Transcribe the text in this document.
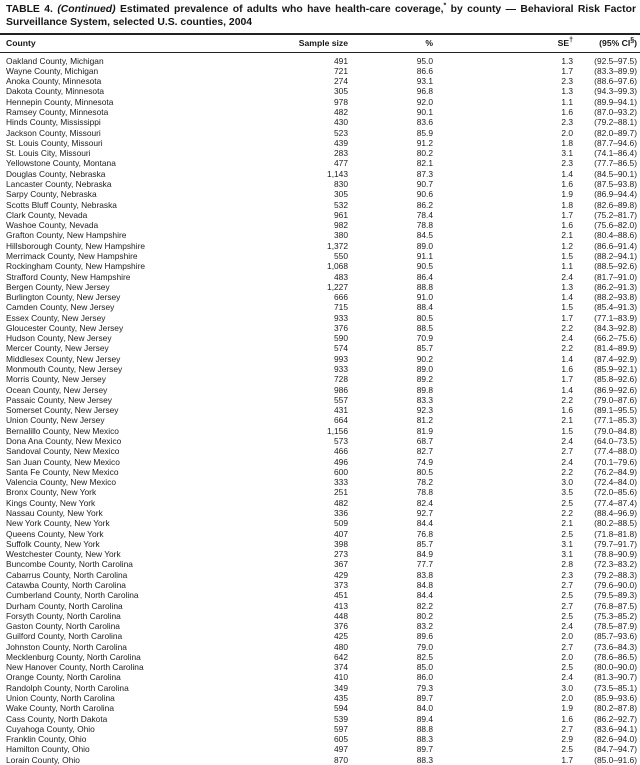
TABLE 4. (Continued) Estimated prevalence of adults who have health-care coverage,* by county — Behavioral Risk Factor
Surveillance System, selected U.S. counties, 2004
County	Sample size	%	SE†	(95% CI§)
Oakland County, Michigan	491	95.0	1.3	(92.5–97.5)
Wayne County, Michigan	721	86.6	1.7	(83.3–89.9)
Anoka County, Minnesota	274	93.1	2.3	(88.6–97.6)
Dakota County, Minnesota	305	96.8	1.3	(94.3–99.3)
Hennepin County, Minnesota	978	92.0	1.1	(89.9–94.1)
Ramsey County, Minnesota	482	90.1	1.6	(87.0–93.2)
Hinds County, Mississippi	430	83.6	2.3	(79.2–88.1)
Jackson County, Missouri	523	85.9	2.0	(82.0–89.7)
St. Louis County, Missouri	439	91.2	1.8	(87.7–94.6)
St. Louis City, Missouri	283	80.2	3.1	(74.1–86.4)
Yellowstone County, Montana	477	82.1	2.3	(77.7–86.5)
Douglas County, Nebraska	1,143	87.3	1.4	(84.5–90.1)
Lancaster County, Nebraska	830	90.7	1.6	(87.5–93.8)
Sarpy County, Nebraska	305	90.6	1.9	(86.9–94.4)
Scotts Bluff County, Nebraska	532	86.2	1.8	(82.6–89.8)
Clark County, Nevada	961	78.4	1.7	(75.2–81.7)
Washoe County, Nevada	982	78.8	1.6	(75.6–82.0)
Grafton County, New Hampshire	380	84.5	2.1	(80.4–88.6)
Hillsborough County, New Hampshire	1,372	89.0	1.2	(86.6–91.4)
Merrimack County, New Hampshire	550	91.1	1.5	(88.2–94.1)
Rockingham County, New Hampshire	1,068	90.5	1.1	(88.5–92.6)
Strafford County, New Hampshire	483	86.4	2.4	(81.7–91.0)
Bergen County, New Jersey	1,227	88.8	1.3	(86.2–91.3)
Burlington County, New Jersey	666	91.0	1.4	(88.2–93.8)
Camden County, New Jersey	715	88.4	1.5	(85.4–91.3)
Essex County, New Jersey	933	80.5	1.7	(77.1–83.9)
Gloucester County, New Jersey	376	88.5	2.2	(84.3–92.8)
Hudson County, New Jersey	590	70.9	2.4	(66.2–75.6)
Mercer County, New Jersey	574	85.7	2.2	(81.4–89.9)
Middlesex County, New Jersey	993	90.2	1.4	(87.4–92.9)
Monmouth County, New Jersey	933	89.0	1.6	(85.9–92.1)
Morris County, New Jersey	728	89.2	1.7	(85.8–92.6)
Ocean County, New Jersey	986	89.8	1.4	(86.9–92.6)
Passaic County, New Jersey	557	83.3	2.2	(79.0–87.6)
Somerset County, New Jersey	431	92.3	1.6	(89.1–95.5)
Union County, New Jersey	664	81.2	2.1	(77.1–85.3)
Bernalillo County, New Mexico	1,156	81.9	1.5	(79.0–84.8)
Dona Ana County, New Mexico	573	68.7	2.4	(64.0–73.5)
Sandoval County, New Mexico	466	82.7	2.7	(77.4–88.0)
San Juan County, New Mexico	496	74.9	2.4	(70.1–79.6)
Santa Fe County, New Mexico	600	80.5	2.2	(76.2–84.9)
Valencia County, New Mexico	333	78.2	3.0	(72.4–84.0)
Bronx County, New York	251	78.8	3.5	(72.0–85.6)
Kings County, New York	482	82.4	2.5	(77.4–87.4)
Nassau County, New York	336	92.7	2.2	(88.4–96.9)
New York County, New York	509	84.4	2.1	(80.2–88.5)
Queens County, New York	407	76.8	2.5	(71.8–81.8)
Suffolk County, New York	398	85.7	3.1	(79.7–91.7)
Westchester County, New York	273	84.9	3.1	(78.8–90.9)
Buncombe County, North Carolina	367	77.7	2.8	(72.3–83.2)
Cabarrus County, North Carolina	429	83.8	2.3	(79.2–88.3)
Catawba County, North Carolina	373	84.8	2.7	(79.6–90.0)
Cumberland County, North Carolina	451	84.4	2.5	(79.5–89.3)
Durham County, North Carolina	413	82.2	2.7	(76.8–87.5)
Forsyth County, North Carolina	448	80.2	2.5	(75.3–85.2)
Gaston County, North Carolina	376	83.2	2.4	(78.5–87.9)
Guilford County, North Carolina	425	89.6	2.0	(85.7–93.6)
Johnston County, North Carolina	480	79.0	2.7	(73.6–84.3)
Mecklenburg County, North Carolina	642	82.5	2.0	(78.6–86.5)
New Hanover County, North Carolina	374	85.0	2.5	(80.0–90.0)
Orange County, North Carolina	410	86.0	2.4	(81.3–90.7)
Randolph County, North Carolina	349	79.3	3.0	(73.5–85.1)
Union County, North Carolina	435	89.7	2.0	(85.9–93.6)
Wake County, North Carolina	594	84.0	1.9	(80.2–87.8)
Cass County, North Dakota	539	89.4	1.6	(86.2–92.7)
Cuyahoga County, Ohio	597	88.8	2.7	(83.6–94.1)
Franklin County, Ohio	605	88.3	2.9	(82.6–94.0)
Hamilton County, Ohio	497	89.7	2.5	(84.7–94.7)
Lorain County, Ohio	870	88.3	1.7	(85.0–91.6)
